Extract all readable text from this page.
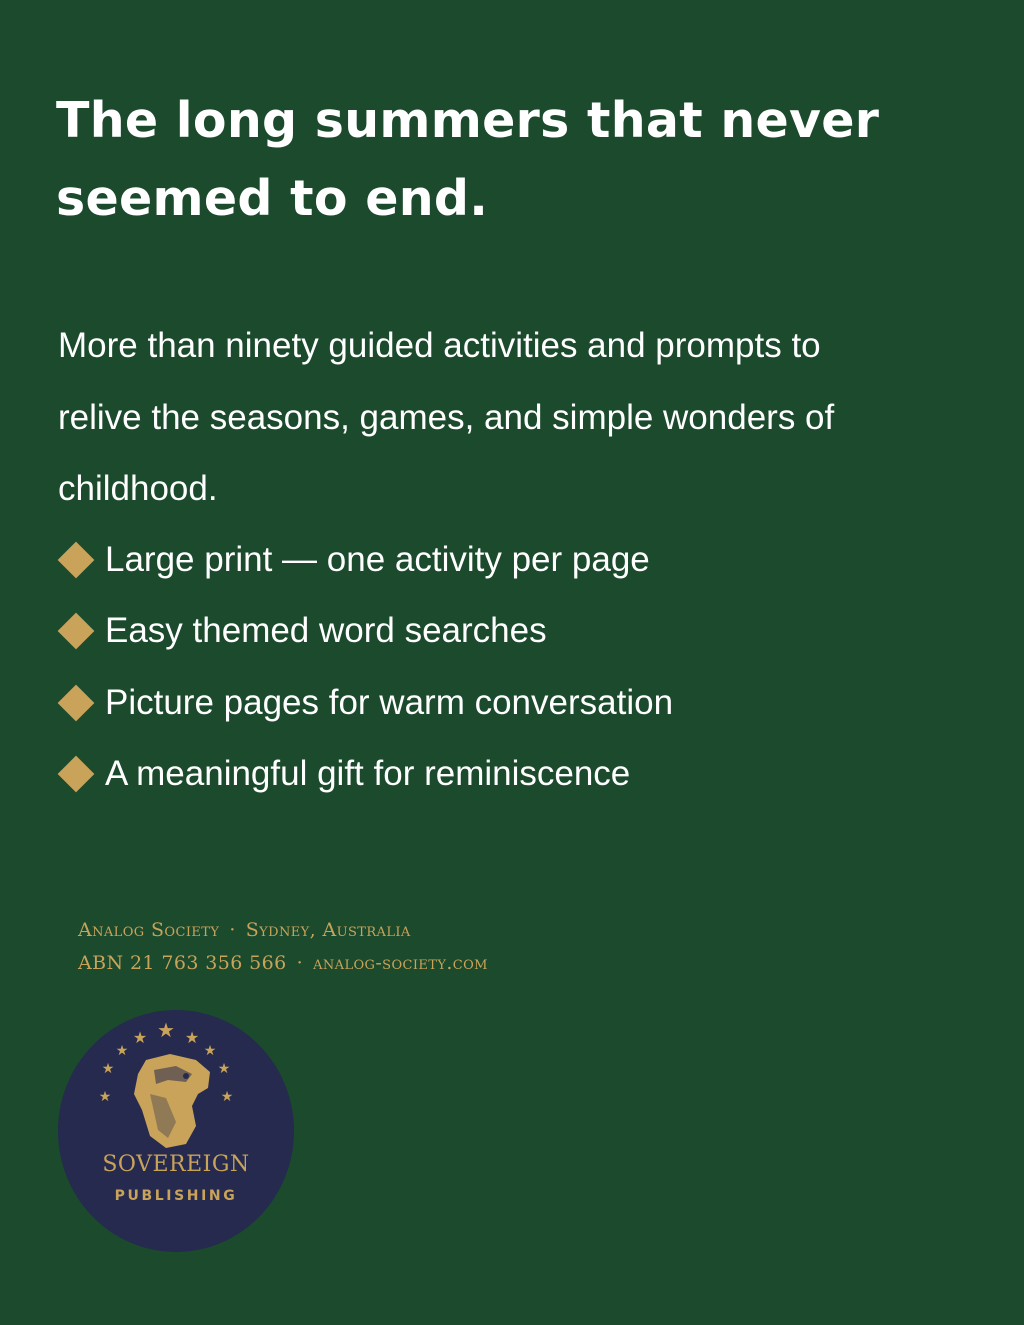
The long summers that never seemed to end.

More than ninety guided activities and prompts to relive the seasons, games, and simple wonders of childhood.

Large print — one activity per page
Easy themed word searches
Picture pages for warm conversation
A meaningful gift for reminiscence
Analog Society · Sydney, Australia
ABN 21 763 356 566 · analog-society.com
★
★ ★
★	★
★	★
★	★
SOVEREIGN
PUBLISHING
